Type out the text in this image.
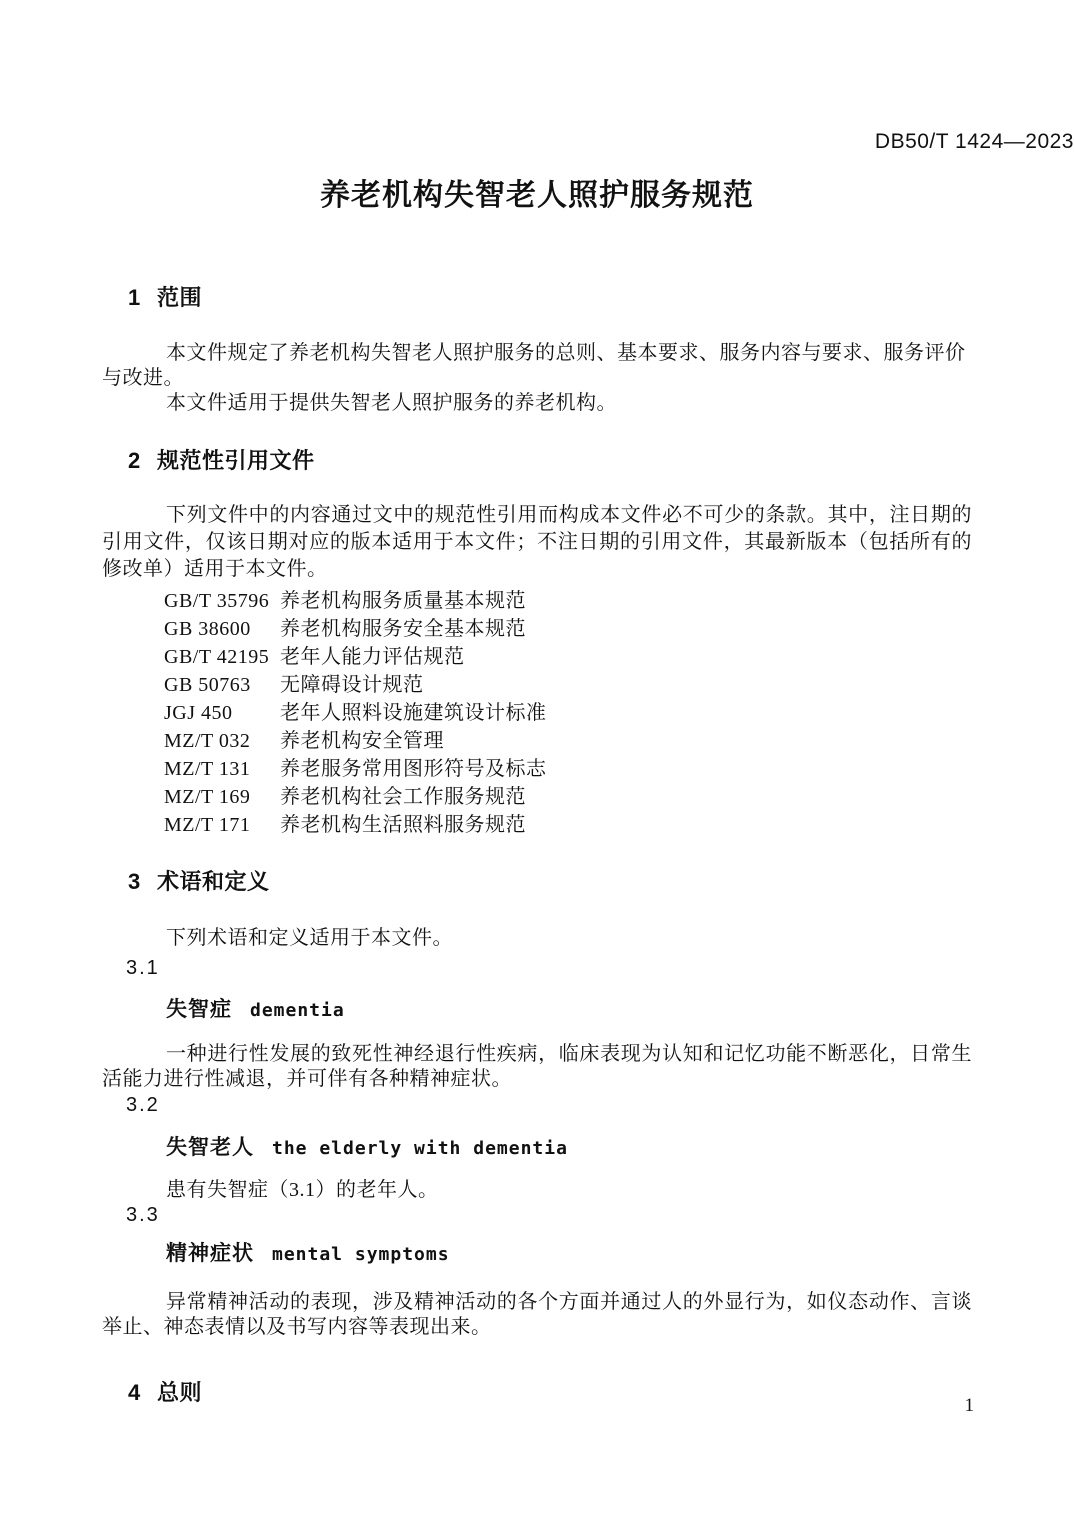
DB50/T 1424—2023
养老机构失智老人照护服务规范
1 范围

本文件规定了养老机构失智老人照护服务的总则、基本要求、服务内容与要求、服务评价与改进。

本文件适用于提供失智老人照护服务的养老机构。

2 规范性引用文件

下列文件中的内容通过文中的规范性引用而构成本文件必不可少的条款。其中，注日期的引用文件，仅该日期对应的版本适用于本文件；不注日期的引用文件，其最新版本（包括所有的修改单）适用于本文件。

GB/T 35796 养老机构服务质量基本规范
GB 38600 养老机构服务安全基本规范
GB/T 42195 老年人能力评估规范
GB 50763 无障碍设计规范
JGJ 450 老年人照料设施建筑设计标准
MZ/T 032 养老机构安全管理
MZ/T 131 养老服务常用图形符号及标志
MZ/T 169 养老机构社会工作服务规范
MZ/T 171 养老机构生活照料服务规范
3 术语和定义

下列术语和定义适用于本文件。

3.1
失智症 dementia

一种进行性发展的致死性神经退行性疾病，临床表现为认知和记忆功能不断恶化，日常生活能力进行性减退，并可伴有各种精神症状。

3.2
失智老人 the elderly with dementia

患有失智症（3.1）的老年人。

3.3
精神症状 mental symptoms

异常精神活动的表现，涉及精神活动的各个方面并通过人的外显行为，如仪态动作、言谈举止、神态表情以及书写内容等表现出来。

4 总则
1
